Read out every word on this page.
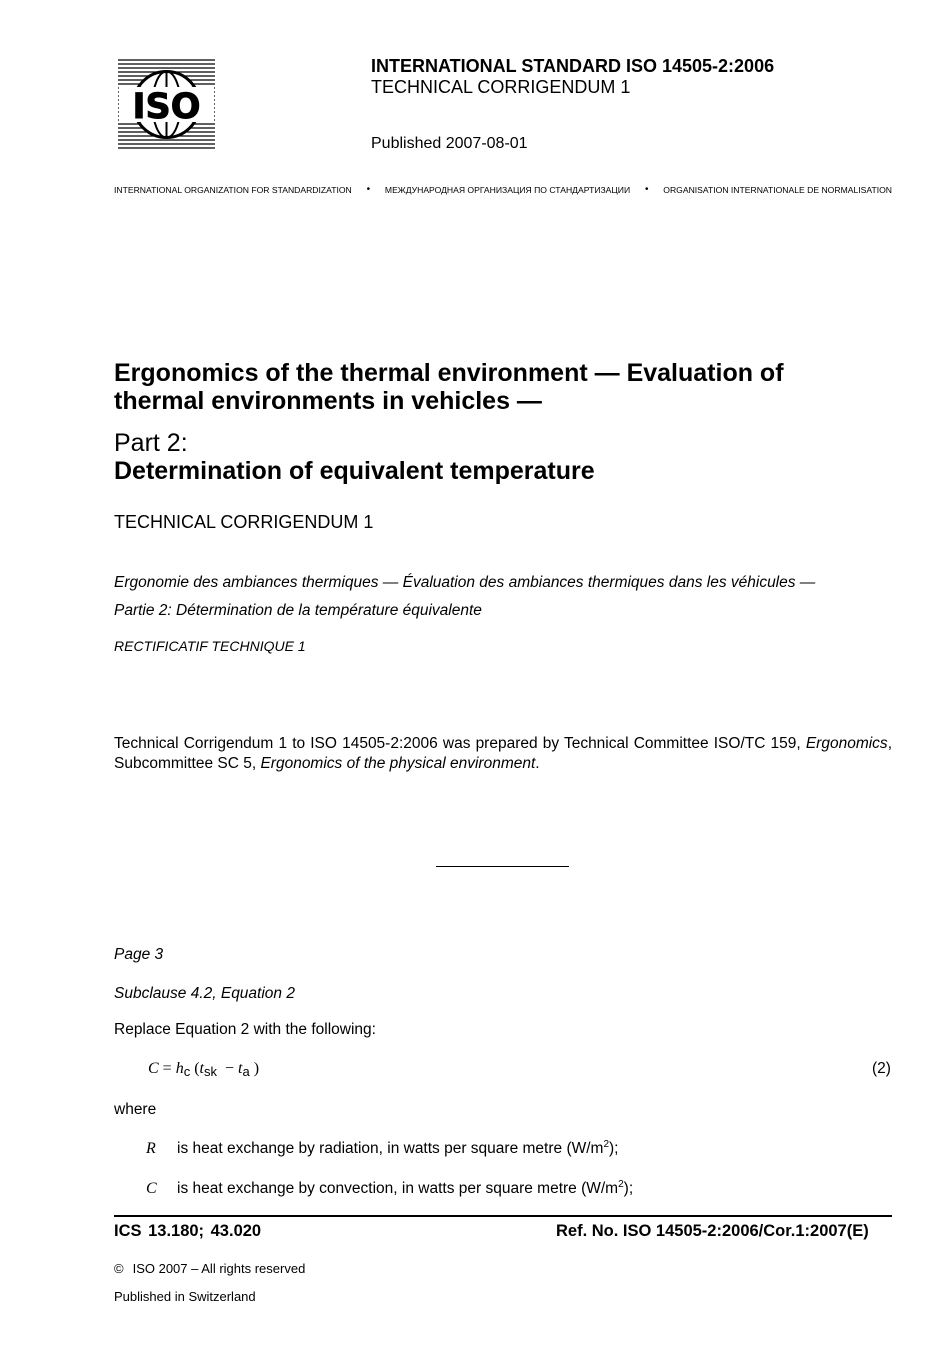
ISO
INTERNATIONAL STANDARD ISO 14505-2:2006
TECHNICAL CORRIGENDUM 1
Published 2007-08-01
INTERNATIONAL ORGANIZATION FOR STANDARDIZATION • МЕЖДУНАРОДНАЯ ОРГАНИЗАЦИЯ ПО СТАНДАРТИЗАЦИИ • ORGANISATION INTERNATIONALE DE NORMALISATION
Ergonomics of the thermal environment — Evaluation of thermal environments in vehicles —
Part 2:
Determination of equivalent temperature
TECHNICAL CORRIGENDUM 1
Ergonomie des ambiances thermiques — Évaluation des ambiances thermiques dans les véhicules —
Partie 2: Détermination de la température équivalente
RECTIFICATIF TECHNIQUE 1
Technical Corrigendum 1 to ISO 14505-2:2006 was prepared by Technical Committee ISO/TC 159, Ergonomics, Subcommittee SC 5, Ergonomics of the physical environment.
Page 3
Subclause 4.2, Equation 2
Replace Equation 2 with the following:
C = hc (tsk − ta )	(2)
where
R is heat exchange by radiation, in watts per square metre $(W/m^2)$;
C is heat exchange by convection, in watts per square metre $(W/m^2)$;
ICS 13.180; 43.020	Ref. No. ISO 14505-2:2006/Cor.1:2007(E)
© ISO 2007 – All rights reserved
Published in Switzerland
